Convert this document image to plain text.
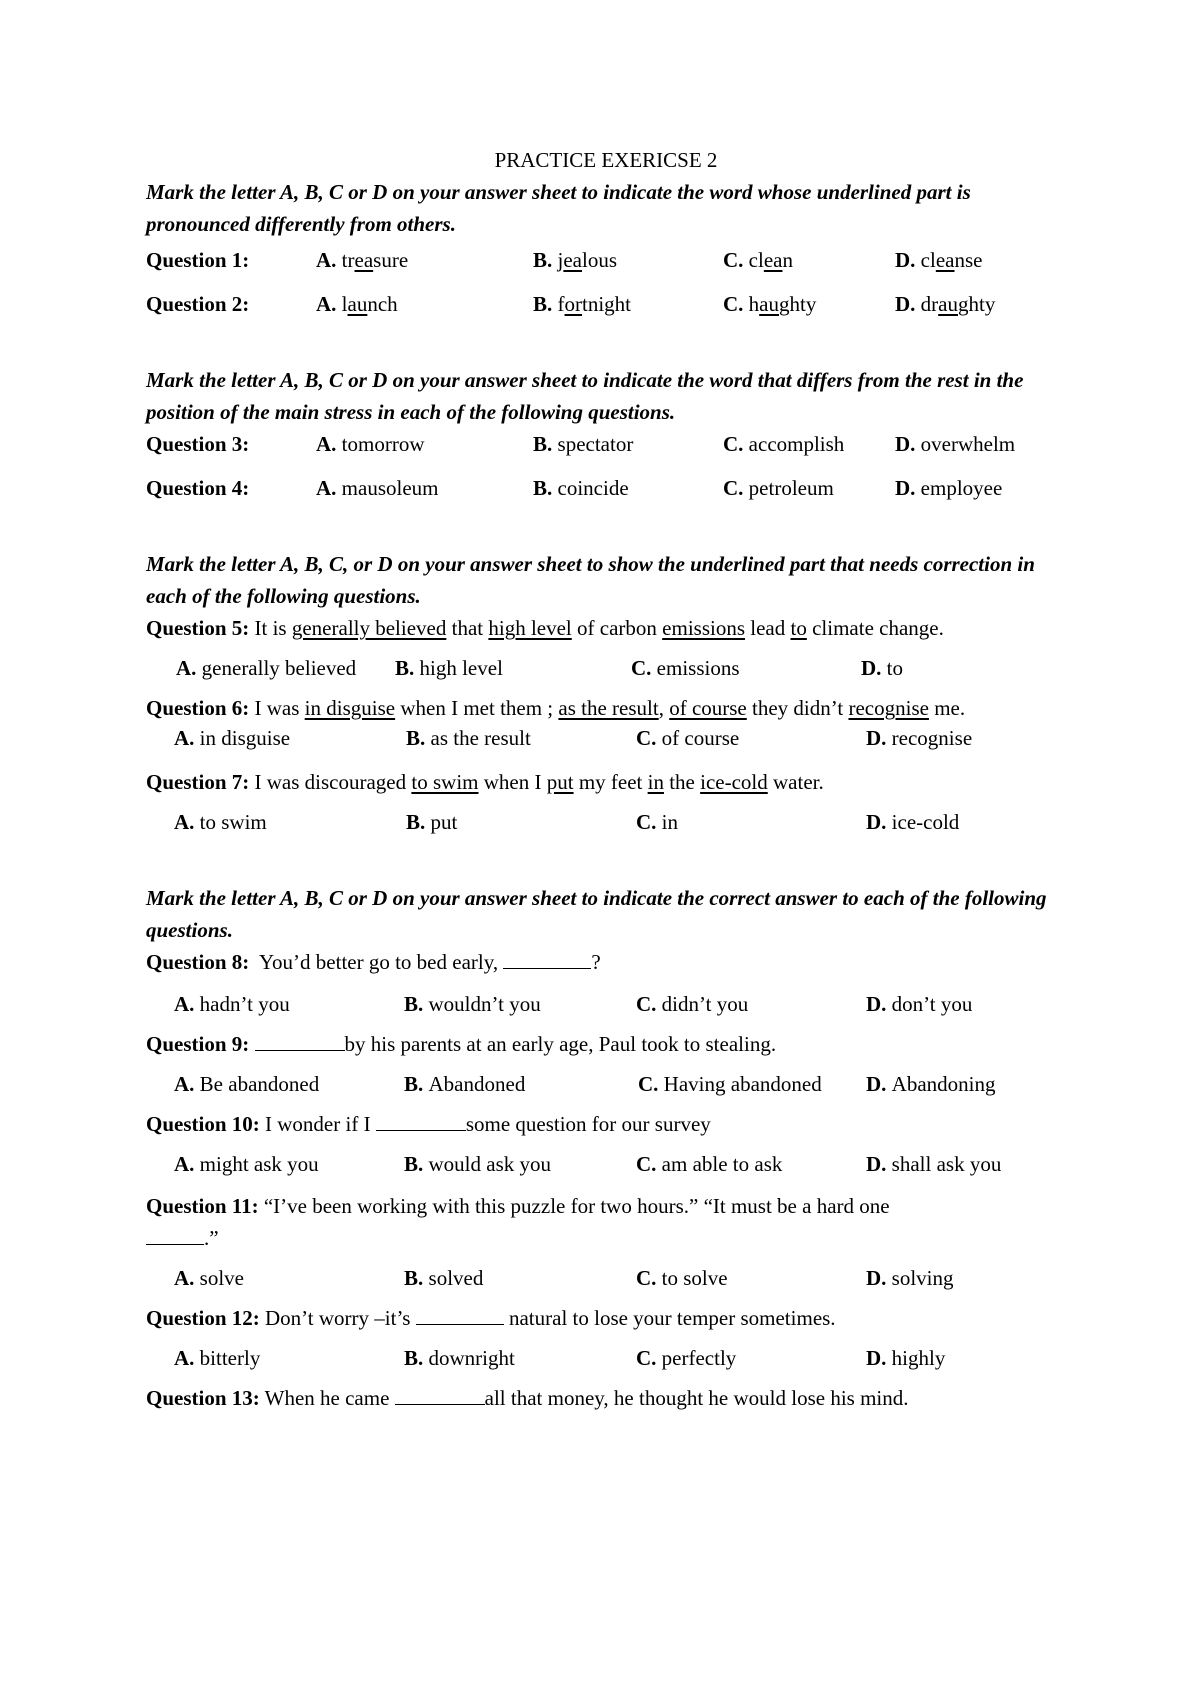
PRACTICE EXERICSE 2
Mark the letter A, B, C or D on your answer sheet to indicate the word whose underlined part is pronounced differently from others.
Question 1:	A. treasure	B. jealous	C. clean	D. cleanse
Question 2:	A. launch	B. fortnight	C. haughty	D. draughty
Mark the letter A, B, C or D on your answer sheet to indicate the word that differs from the rest in the position of the main stress in each of the following questions.
Question 3:	A. tomorrow	B. spectator	C. accomplish	D. overwhelm
Question 4:	A. mausoleum	B. coincide	C. petroleum	D. employee
Mark the letter A, B, C, or D on your answer sheet to show the underlined part that needs correction in each of the following questions.
Question 5: It is generally believed that high level of carbon emissions lead to climate change.
A. generally believed	B. high level	C. emissions	D. to
Question 6: I was in disguise when I met them ; as the result, of course they didn’t recognise me.
A. in disguise	B. as the result	C. of course	D. recognise
Question 7: I was discouraged to swim when I put my feet in the ice-cold water.
A. to swim	B. put	C. in	D. ice-cold
Mark the letter A, B, C or D on your answer sheet to indicate the correct answer to each of the following questions.
Question 8:  You’d better go to bed early,	?
A. hadn’t you	B. wouldn’t you	C. didn’t you	D. don’t you
Question 9:	by his parents at an early age, Paul took to stealing.
A. Be abandoned	B. Abandoned	C. Having abandoned	D. Abandoning
Question 10: I wonder if I	some question for our survey
A. might ask you	B. would ask you	C. am able to ask	D. shall ask you
Question 11: “I’ve been working with this puzzle for two hours.” “It must be a hard one
.”
A. solve	B. solved	C. to solve	D. solving
Question 12: Don’t worry –it’s	natural to lose your temper sometimes.
A. bitterly	B. downright	C. perfectly	D. highly
Question 13: When he came	all that money, he thought he would lose his mind.
